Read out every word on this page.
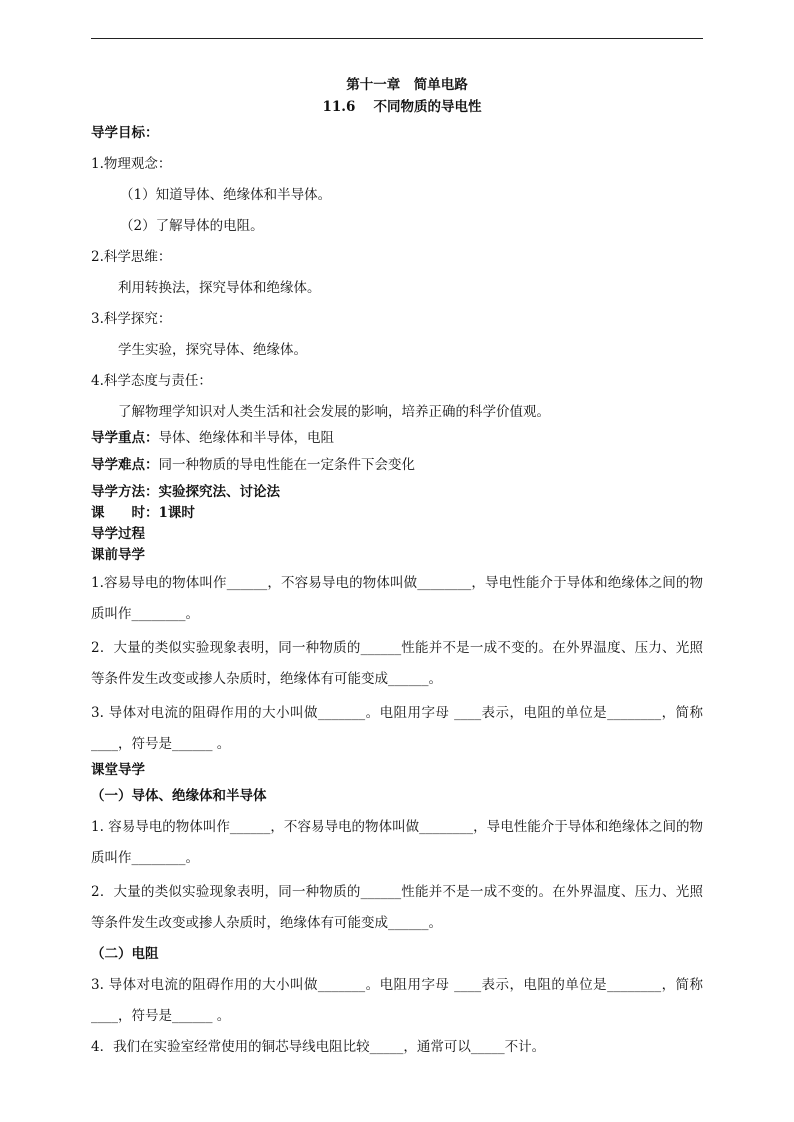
第十一章　简单电路
11.6　 不同物质的导电性
导学目标：
1.物理观念：
（1）知道导体、绝缘体和半导体。
（2）了解导体的电阻。
2.科学思维：
利用转换法，探究导体和绝缘体。
3.科学探究：
学生实验，探究导体、绝缘体。
4.科学态度与责任：
了解物理学知识对人类生活和社会发展的影响，培养正确的科学价值观。
导学重点：导体、绝缘体和半导体，电阻
导学难点：同一种物质的导电性能在一定条件下会变化
导学方法：实验探究法、讨论法
课　　时：1课时
导学过程
课前导学
1.容易导电的物体叫作______，不容易导电的物体叫做________，导电性能介于导体和绝缘体之间的物质叫作________。
2．大量的类似实验现象表明，同一种物质的______性能并不是一成不变的。在外界温度、压力、光照等条件发生改变或掺人杂质时，绝缘体有可能变成______。
3. 导体对电流的阻碍作用的大小叫做_______。电阻用字母 ____表示，电阻的单位是________，简称 ____，符号是______ 。
课堂导学
（一）导体、绝缘体和半导体
1. 容易导电的物体叫作______，不容易导电的物体叫做________，导电性能介于导体和绝缘体之间的物质叫作________。
2．大量的类似实验现象表明，同一种物质的______性能并不是一成不变的。在外界温度、压力、光照等条件发生改变或掺人杂质时，绝缘体有可能变成______。
（二）电阻
3. 导体对电流的阻碍作用的大小叫做_______。电阻用字母 ____表示，电阻的单位是________，简称 ____，符号是______ 。
4．我们在实验室经常使用的铜芯导线电阻比较_____，通常可以_____不计。
